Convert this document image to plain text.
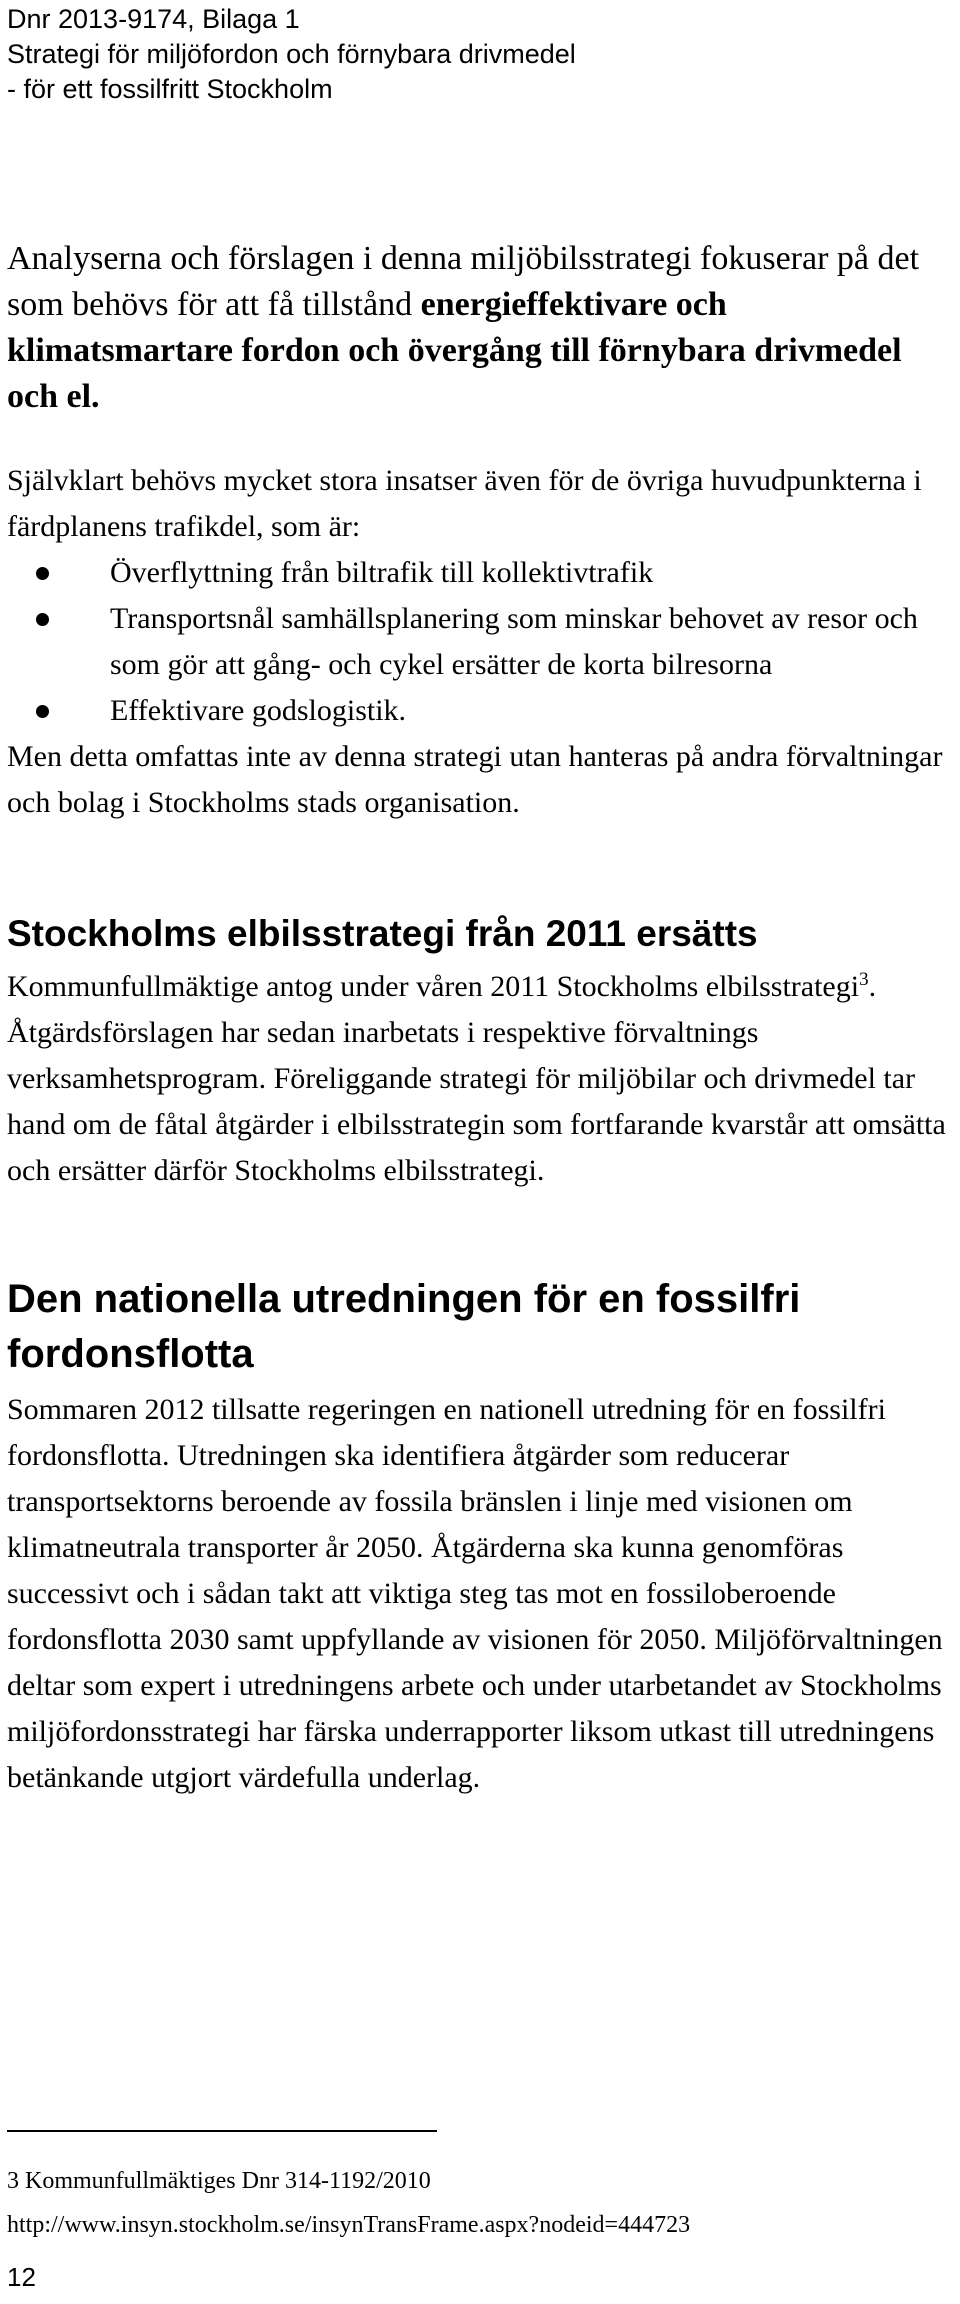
Dnr 2013-9174, Bilaga 1
Strategi för miljöfordon och förnybara drivmedel
- för ett fossilfritt Stockholm
Analyserna och förslagen i denna miljöbilsstrategi fokuserar på det som behövs för att få tillstånd energieffektivare och klimatsmartare fordon och övergång till förnybara drivmedel och el.

Självklart behövs mycket stora insatser även för de övriga huvudpunkterna i färdplanens trafikdel, som är:

Överflyttning från biltrafik till kollektivtrafik
Transportsnål samhällsplanering som minskar behovet av resor och som gör att gång- och cykel ersätter de korta bilresorna
Effektivare godslogistik.
Men detta omfattas inte av denna strategi utan hanteras på andra förvaltningar och bolag i Stockholms stads organisation.
Stockholms elbilsstrategi från 2011 ersätts
Kommunfullmäktige antog under våren 2011 Stockholms elbilsstrategi$^3$. Åtgärdsförslagen har sedan inarbetats i respektive förvaltnings verksamhetsprogram. Föreliggande strategi för miljöbilar och drivmedel tar hand om de fåtal åtgärder i elbilsstrategin som fortfarande kvarstår att omsätta och ersätter därför Stockholms elbilsstrategi.
Den nationella utredningen för en fossilfri fordonsflotta
Sommaren 2012 tillsatte regeringen en nationell utredning för en fossilfri fordonsflotta. Utredningen ska identifiera åtgärder som reducerar transportsektorns beroende av fossila bränslen i linje med visionen om klimatneutrala transporter år 2050. Åtgärderna ska kunna genomföras successivt och i sådan takt att viktiga steg tas mot en fossiloberoende fordonsflotta 2030 samt uppfyllande av visionen för 2050. Miljöförvaltningen deltar som expert i utredningens arbete och under utarbetandet av Stockholms miljöfordonsstrategi har färska underrapporter liksom utkast till utredningens betänkande utgjort värdefulla underlag.
3 Kommunfullmäktiges Dnr 314-1192/2010
http://www.insyn.stockholm.se/insynTransFrame.aspx?nodeid=444723
12
